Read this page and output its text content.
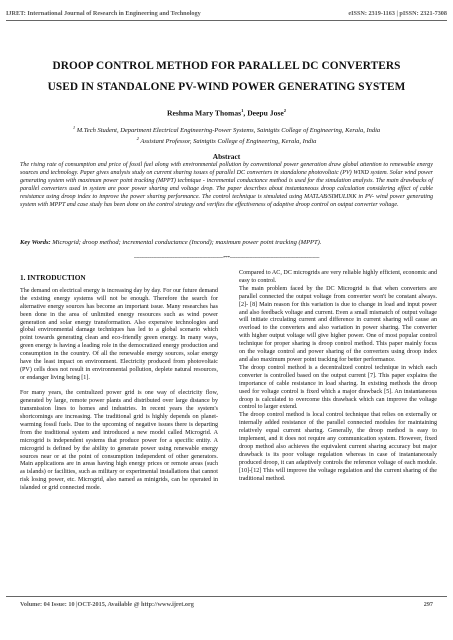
IJRET: International Journal of Research in Engineering and Technology	eISSN: 2319-1163 | pISSN: 2321-7308
DROOP CONTROL METHOD FOR PARALLEL DC CONVERTERS
USED IN STANDALONE PV-WIND POWER GENERATING SYSTEM
Reshma Mary Thomas$^1$, Deepu Jose$^2$
$^1$ M.Tech Student, Department Electrical Engineering-Power Systems, Saintgits College of Engineering, Kerala, India
$^2$ Assistant Professor, Saintgits College of Engineering, Kerala, India
Abstract
The rising rate of consumption and price of fossil fuel along with environmental pollution by conventional power generation draw global attention to renewable energy sources and technology. Paper gives analysis study on current sharing issues of parallel DC converters in standalone photovoltaic (PV) WIND system. Solar wind power generating system with maximum power point tracking (MPPT) technique - incremental conductance method is used for the simulation analysis. The main drawbacks of parallel converters used in system are poor power sharing and voltage drop. The paper describes about instantaneous droop calculation considering effect of cable resistance using droop index to improve the power sharing performance. The control technique is simulated using MATLAB/SIMULINK in PV- wind power generating system with MPPT and case study has been done on the control strategy and verifies the effectiveness of adaptive droop control on output converter voltage.
Key Words: Microgrid; droop method; incremental conductance (Incond); maximum power point tracking (MPPT).
--------------------------------------------------------------------***--------------------------------------------------------------------
1. INTRODUCTION

The demand on electrical energy is increasing day by day. For our future demand the existing energy systems will not be enough. Therefore the search for alternative energy sources has become an important issue. Many researches has been done in the area of unlimited energy resources such as wind power generation and solar energy transformation. Also expensive technologies and global environmental damage techniques has led to a global scenario which point towards generating clean and eco-friendly green energy. In many ways, green energy is having a leading role in the democratized energy production and consumption in the country. Of all the renewable energy sources, solar energy have the least impact on environment. Electricity produced from photovoltaic (PV) cells does not result in environmental pollution, deplete natural resources, or endanger living being [1].

For many years, the centralized power grid is one way of electricity flow, generated by large, remote power plants and distributed over large distance by transmission lines to homes and industries. In recent years the system's shortcomings are increasing. The traditional grid is highly depends on planet-warming fossil fuels. Due to the upcoming of negative issues there is departing from the traditional system and introduced a new model called Microgrid. A microgrid is independent systems that produce power for a specific entity. A microgrid is defined by the ability to generate power using renewable energy sources near or at the point of consumption independent of other generators. Main applications are in areas having high energy prices or remote areas (such as islands) or facilities, such as military or experimental installations that cannot risk losing power, etc. Microgrid, also named as minigrids, can be operated in islanded or grid connected mode.

Compared to AC, DC microgrids are very reliable highly efficient, economic and easy to control.

The main problem faced by the DC Microgrid is that when converters are parallel connected the output voltage from converter won't be constant always. [2]- [8] Main reason for this variation is due to change in load and input power and also feedback voltage and current. Even a small mismatch of output voltage will initiate circulating current and difference in current sharing will cause an overload to the converters and also variation in power sharing. The converter with higher output voltage will give higher power. One of most popular control technique for proper sharing is droop control method. This paper mainly focus on the voltage control and power sharing of the converters using droop index and also maximum power point tracking for better performance.

The droop control method is a decentralized control technique in which each converter is controlled based on the output current [7]. This paper explains the importance of cable resistance in load sharing. In existing methods the droop used for voltage control is fixed which a major drawback [5]. An instantaneous droop is calculated to overcome this drawback which can improve the voltage control to larger extend.

The droop control method is local control technique that relies on externally or internally added resistance of the parallel connected modules for maintaining relatively equal current sharing. Generally, the droop method is easy to implement, and it does not require any communication system. However, fixed droop method also achieves the equivalent current sharing accuracy but major drawback is its poor voltage regulation whereas in case of instantaneously produced droop, it can adaptively controls the reference voltage of each module.[10]-[12] This will improve the voltage regulation and the current sharing of the traditional method.

Volume: 04 Issue: 10 |OCT-2015, Available @ http://www.ijret.org	297
